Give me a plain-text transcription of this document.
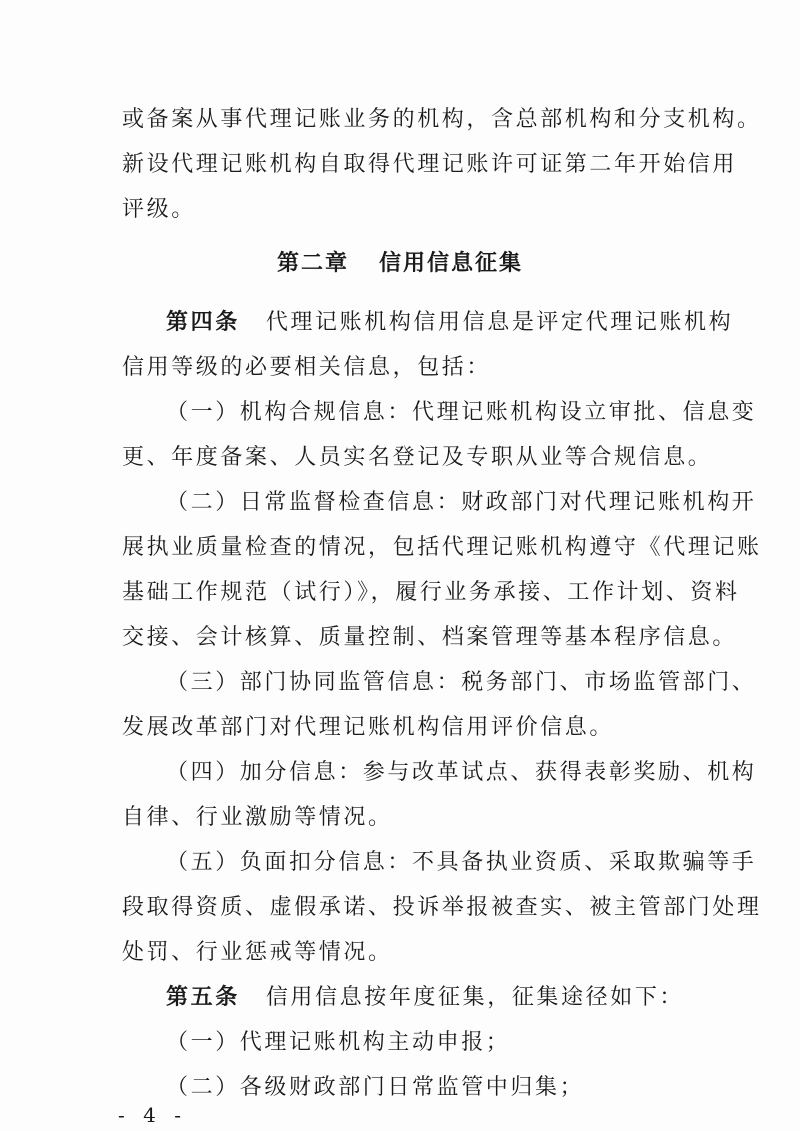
或备案从事代理记账业务的机构，含总部机构和分支机构。
新设代理记账机构自取得代理记账许可证第二年开始信用
评级。
第二章 信用信息征集
第四条 代理记账机构信用信息是评定代理记账机构
信用等级的必要相关信息，包括：
（一）机构合规信息：代理记账机构设立审批、信息变
更、年度备案、人员实名登记及专职从业等合规信息。
（二）日常监督检查信息：财政部门对代理记账机构开
展执业质量检查的情况，包括代理记账机构遵守《代理记账
基础工作规范（试行）》，履行业务承接、工作计划、资料
交接、会计核算、质量控制、档案管理等基本程序信息。
（三）部门协同监管信息：税务部门、市场监管部门、
发展改革部门对代理记账机构信用评价信息。
（四）加分信息：参与改革试点、获得表彰奖励、机构
自律、行业激励等情况。
（五）负面扣分信息：不具备执业资质、采取欺骗等手
段取得资质、虚假承诺、投诉举报被查实、被主管部门处理
处罚、行业惩戒等情况。
第五条 信用信息按年度征集，征集途径如下：
（一）代理记账机构主动申报；
（二）各级财政部门日常监管中归集；
- 4 -
